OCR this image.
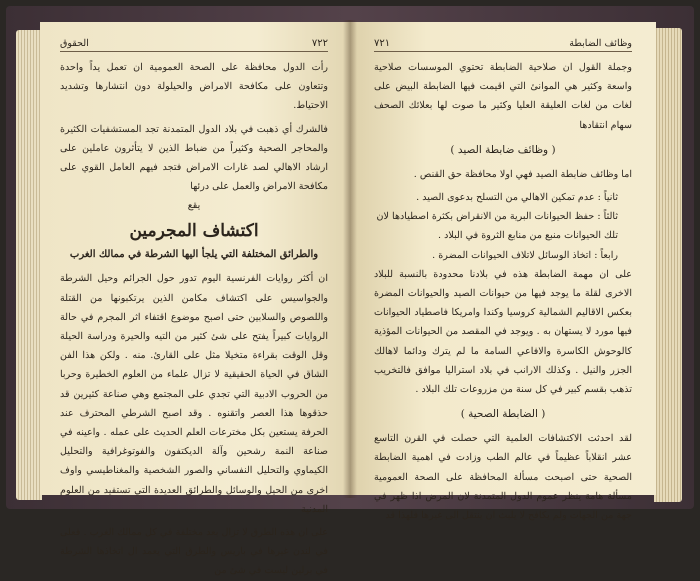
٧٢٢
الحقوق

رأت الدول محافظة على الصحة العمومية ان تعمل يداً واحدة وتتعاون على مكافحة الامراض والحيلولة دون انتشارها وتشديد الاحتياط.

فالشرك أي ذهبت في بلاد الدول المتمدنة تجد المستشفيات الكثيرة والمحاجر الصحية وكثيراً من ضباط الذين لا يتأثرون عاملين على ارشاد الاهالي لصد غارات الامراض فتجد فيهم العامل القوي على مكافحة الامراض والعمل على درئها

يقع

اكتشاف المجرمين
والطرائق المختلفة التي يلجأ اليها الشرطة في ممالك الغرب

ان أكثر روايات الفرنسية اليوم تدور حول الجرائم وحيل الشرطة والجواسيس على اكتشاف مكامن الذين يرتكبونها من القتلة واللصوص والسلابين حتى اصبح موضوع اقتفاء اثر المجرم في حالة الروايات كبيراً يفتح على شئ كثير من التيه والحيرة ودراسة الحيلة وقل الوقت بقراءة متخيلا مثل على القارئ. منه . ولكن هذا الفن الشاق في الحياة الحقيقية لا تزال علماء من العلوم الخطيرة وحربا من الحروب الادبية التي تجدي على المجتمع وهي صناعة كثيرين قد حذقوها هذا العصر واتقنوه . وقد اصبح الشرطي المحترف عند الحرفة يستعين بكل مخترعات العلم الحديث على عمله . واعينه في صناعة النمة رشحين وآلة الديكتفون والفوتوغرافية والتحليل الكيماوي والتحليل النفساني والصور الشخصية والمغناطيسي واوف اخرى من الحيل والوسائل والطرائق العديدة التي تستفيد من العلوم المدنية

على ان هذه الطرق لا تزال بعد مختلفة في كل ممالك الغرب . فعلى في لندن غيرها في باريس والطرق التي يعمد ال اتخاذها الشرطة في برلين ليست في شئ من

وظائف الضابطة
٧٢١

وجملة القول ان صلاحية الضابطة تحتوي الموسسات صلاحية واسعة وكثير هي الموانئ التي اقيمت فيها الضابطة البيض على لغات من لغات العليقة العليا وكثير ما صوت لها بعلائك الصحف سهام انتقادها

( وظائف ضابطة الصيد )

اما وظائف ضابطة الصيد فهي اولا محافظة حق القنص .

ثانياً : عدم تمكين الاهالي من التسلح بدعوى الصيد .
ثالثاً : حفظ الحيوانات البرية من الانقراض بكثرة اصطيادها لان تلك الحيوانات منبع من منابع الثروة في البلاد .
رابعاً : اتخاذ الوسائل لاتلاف الحيوانات المضرة .

على ان مهمة الضابطة هذه في بلادنا محدودة بالنسبة للبلاد الاخرى لقلة ما يوجد فيها من حيوانات الصيد والحيوانات المضرة بعكس الاقاليم الشمالية كروسيا وكندا وامريكا فاصطياد الحيوانات فيها مورد لا يستهان به . ويوجد في المقصد من الحيوانات المؤذية كالوحوش الكاسرة والافاعي السامة ما لم يترك ودائما لاهالك الجزر والنيل . وكذلك الارانب في بلاد استراليا موافق فالتخريب تذهب بقسم كبير في كل سنة من مزروعات تلك البلاد .

( الضابطة الصحية )

لقد احدثت الاكتشافات العلمية التي حصلت في القرن التاسع عشر انقلاباً عظيماً في عالم الطب وزادت في اهمية الضابطة الصحية حتى اصبحت مسألة المحافظة على الصحة العمومية مسألة هامة ينظر عموم الدول المتمدنة لان المرض اذا ظهر في جهة من الجهات ولم يكافح لا يلبث ان ينتقل الى غيرها فلهذا قد
